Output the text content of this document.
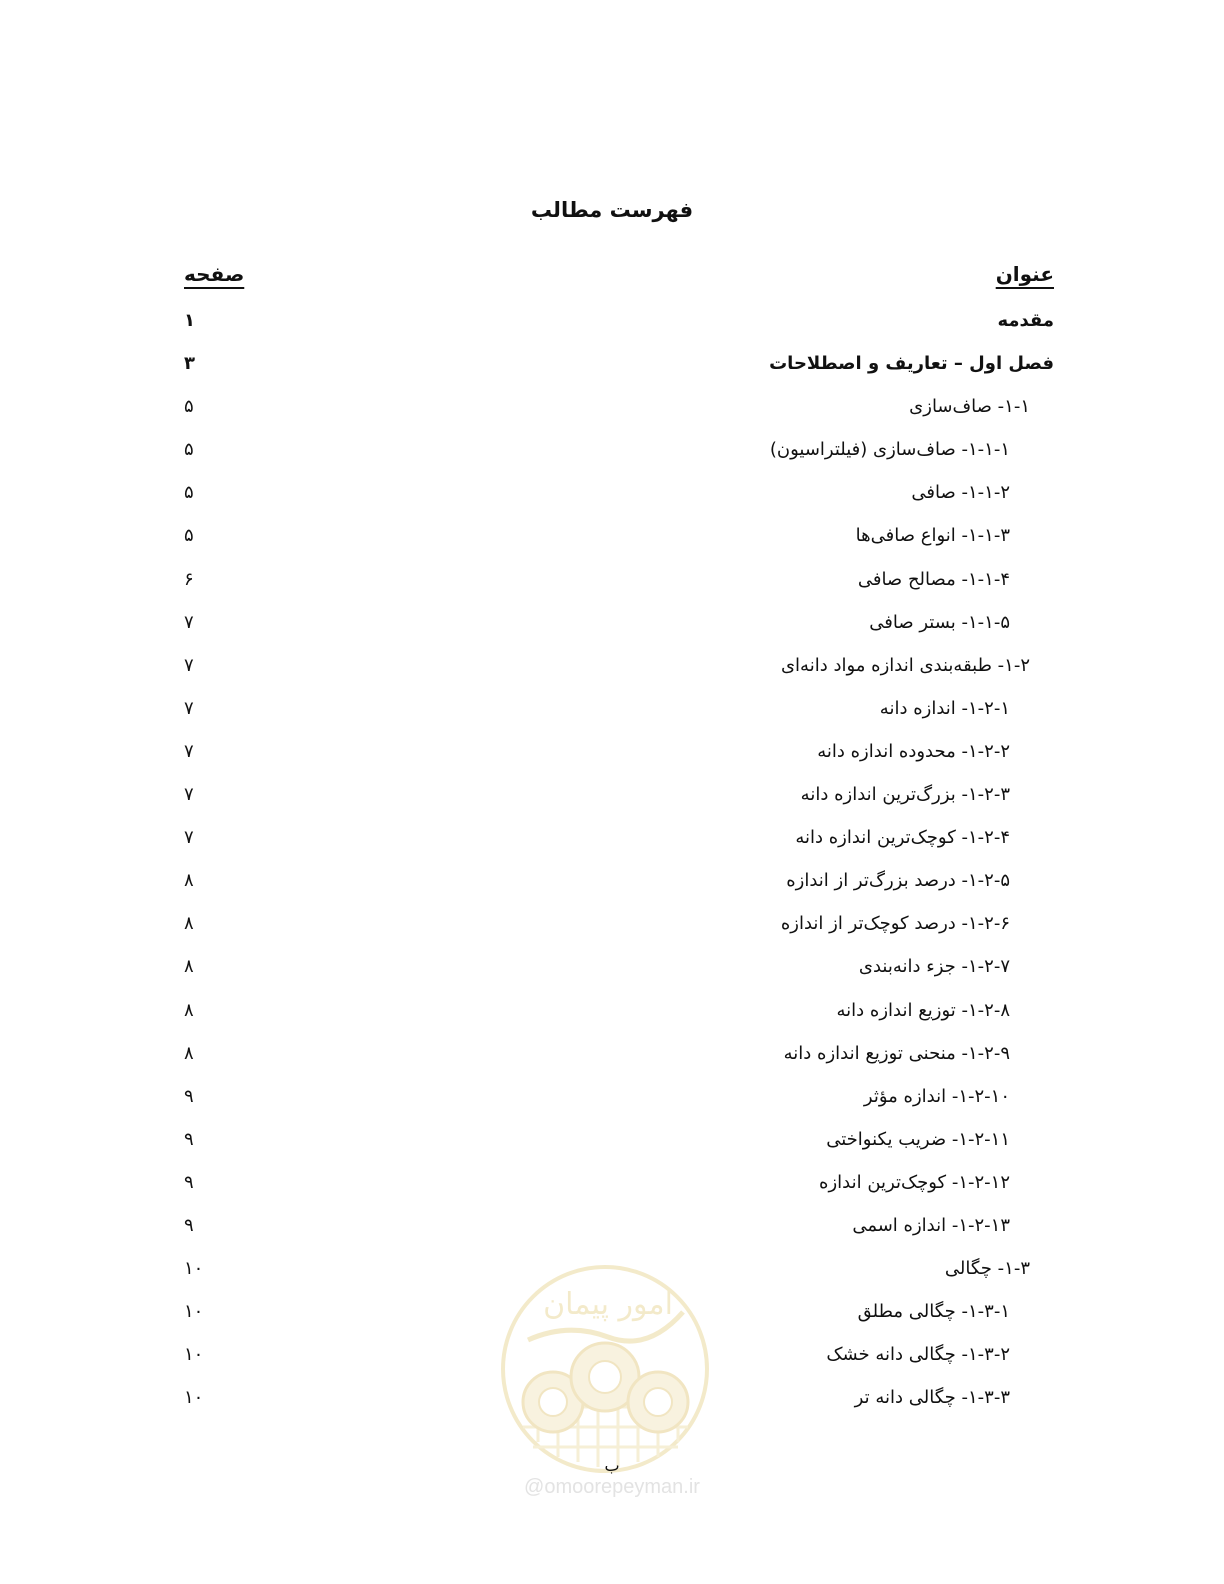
فهرست مطالب
عنوان
صفحه
مقدمه
۱
فصل اول – تعاریف و اصطلاحات
۳
۱-۱- صاف‌سازی
۵
۱-۱-۱- صاف‌سازی (فیلتراسیون)
۵
۱-۱-۲- صافی
۵
۱-۱-۳- انواع صافی‌ها
۵
۱-۱-۴- مصالح صافی
۶
۱-۱-۵- بستر صافی
۷
۱-۲- طبقه‌بندی اندازه مواد دانه‌ای
۷
۱-۲-۱- اندازه دانه
۷
۱-۲-۲- محدوده اندازه دانه
۷
۱-۲-۳- بزرگ‌ترین اندازه دانه
۷
۱-۲-۴- کوچک‌ترین اندازه دانه
۷
۱-۲-۵- درصد بزرگ‌تر از اندازه
۸
۱-۲-۶- درصد کوچک‌تر از اندازه
۸
۱-۲-۷- جزء دانه‌بندی
۸
۱-۲-۸- توزیع اندازه دانه
۸
۱-۲-۹- منحنی توزیع اندازه دانه
۸
۱-۲-۱۰- اندازه مؤثر
۹
۱-۲-۱۱- ضریب یکنواختی
۹
۱-۲-۱۲- کوچک‌ترین اندازه
۹
۱-۲-۱۳- اندازه اسمی
۹
۱-۳- چگالی
۱۰
۱-۳-۱- چگالی مطلق
۱۰
۱-۳-۲- چگالی دانه خشک
۱۰
۱-۳-۳- چگالی دانه تر
۱۰
امور پیمان
ب
@omoorepeyman.ir
